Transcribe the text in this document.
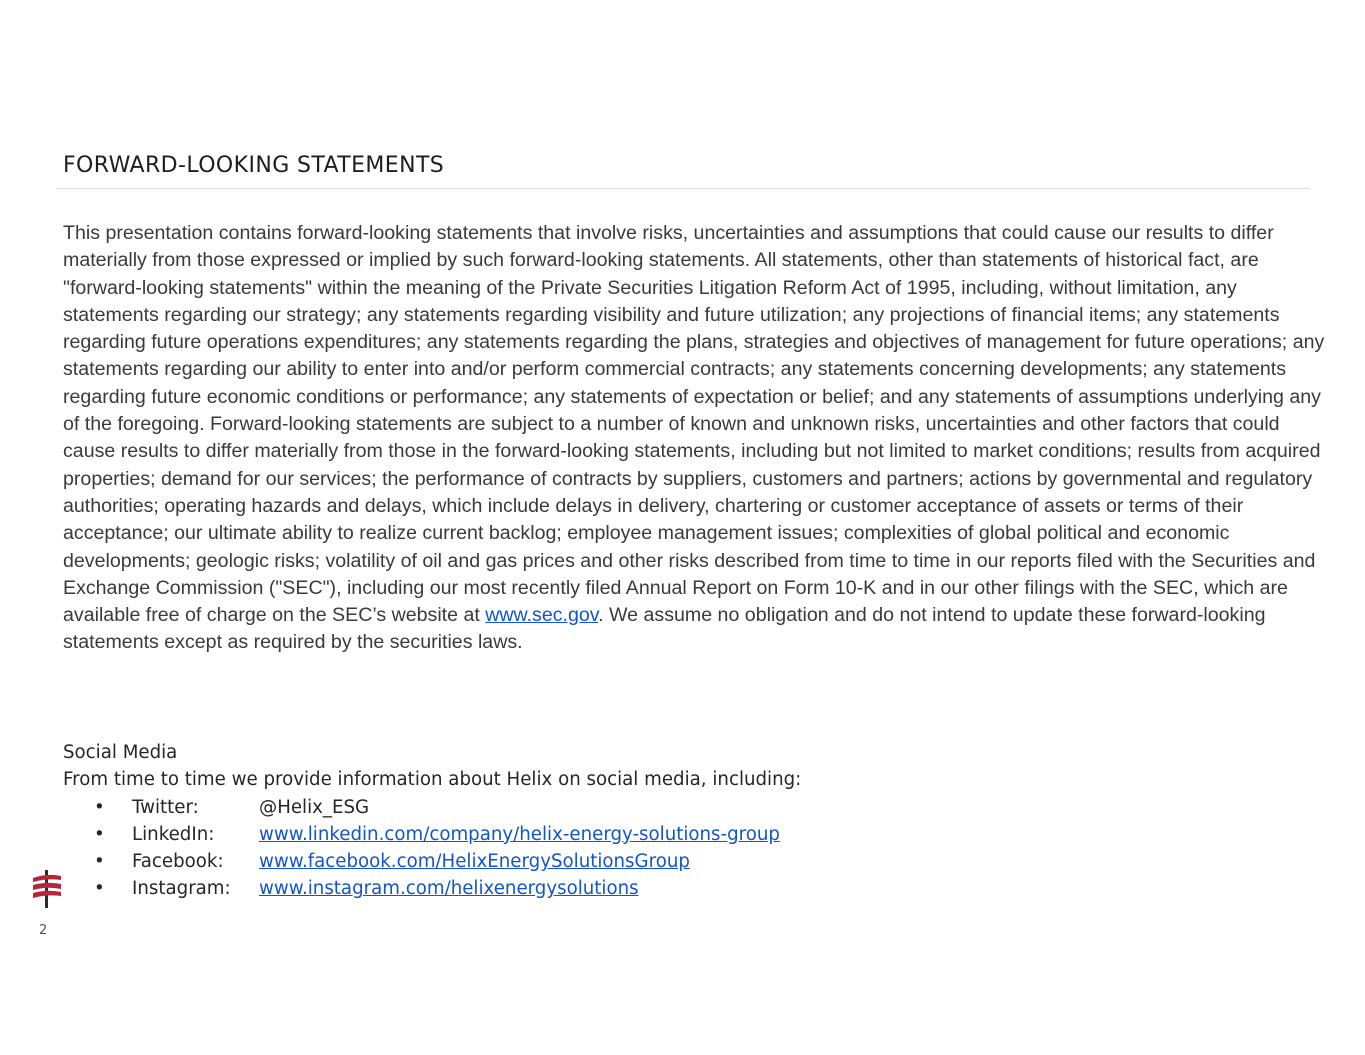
FORWARD-LOOKING STATEMENTS

This presentation contains forward-looking statements that involve risks, uncertainties and assumptions that could cause our results to differ materially from those expressed or implied by such forward-looking statements. All statements, other than statements of historical fact, are "forward-looking statements" within the meaning of the Private Securities Litigation Reform Act of 1995, including, without limitation, any statements regarding our strategy; any statements regarding visibility and future utilization; any projections of financial items; any statements regarding future operations expenditures; any statements regarding the plans, strategies and objectives of management for future operations; any statements regarding our ability to enter into and/or perform commercial contracts; any statements concerning developments; any statements regarding future economic conditions or performance; any statements of expectation or belief; and any statements of assumptions underlying any of the foregoing. Forward-looking statements are subject to a number of known and unknown risks, uncertainties and other factors that could cause results to differ materially from those in the forward-looking statements, including but not limited to market conditions; results from acquired properties; demand for our services; the performance of contracts by suppliers, customers and partners; actions by governmental and regulatory authorities; operating hazards and delays, which include delays in delivery, chartering or customer acceptance of assets or terms of their acceptance; our ultimate ability to realize current backlog; employee management issues; complexities of global political and economic developments; geologic risks; volatility of oil and gas prices and other risks described from time to time in our reports filed with the Securities and Exchange Commission ("SEC"), including our most recently filed Annual Report on Form 10-K and in our other filings with the SEC, which are available free of charge on the SEC’s website at www.sec.gov. We assume no obligation and do not intend to update these forward-looking statements except as required by the securities laws.

Social Media

From time to time we provide information about Helix on social media, including:

• Twitter:	@Helix_ESG
• LinkedIn: www.linkedin.com/company/helix-energy-solutions-group
• Facebook: www.facebook.com/HelixEnergySolutionsGroup
• Instagram: www.instagram.com/helixenergysolutions
2
